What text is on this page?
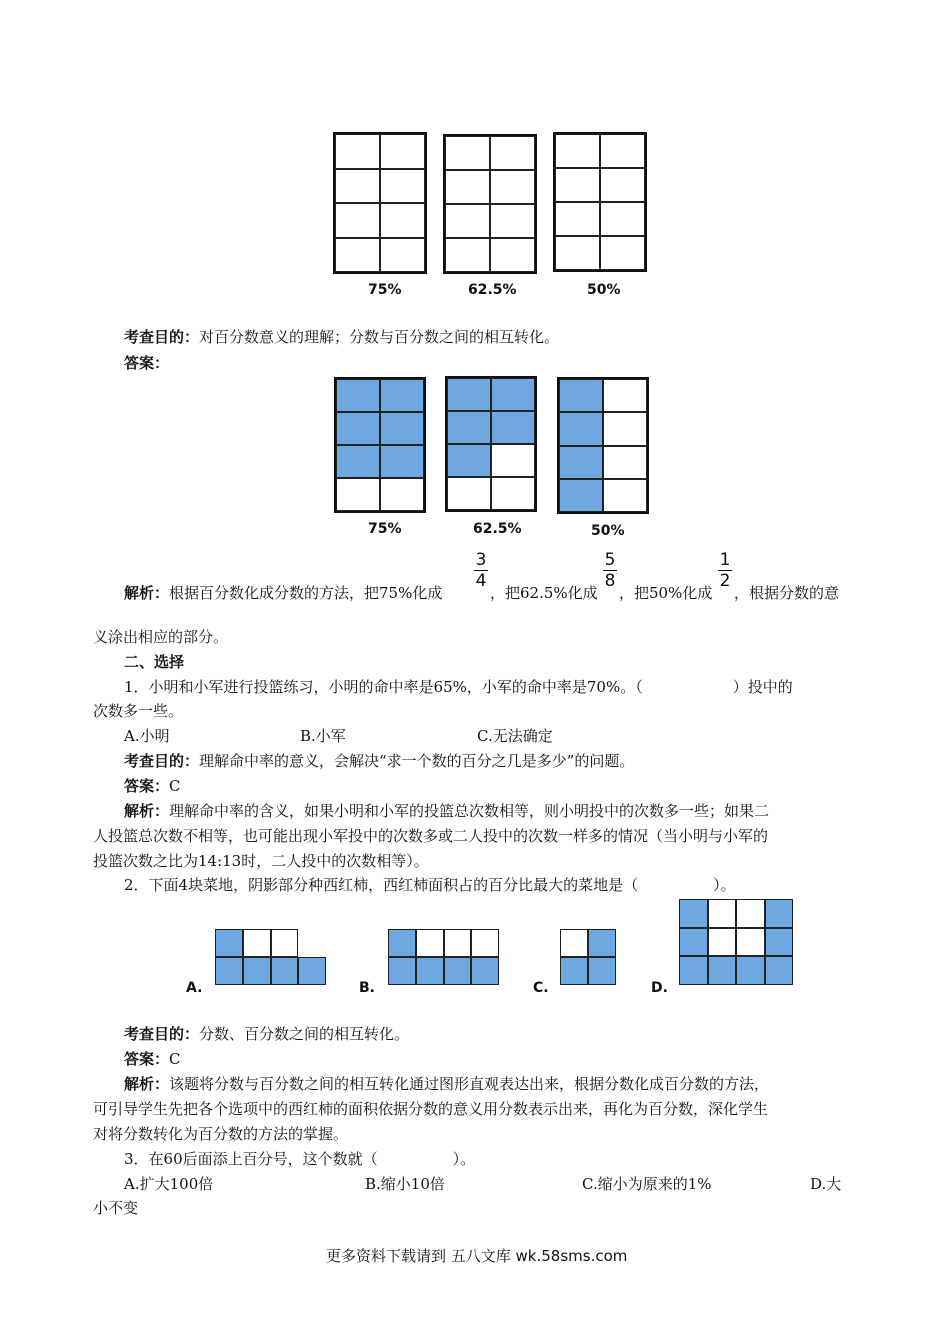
75%	62.5%	50%
考查目的：对百分数意义的理解；分数与百分数之间的相互转化。
答案：
75%	62.5%	50%
解析：根据百分数化成分数的方法，把75%化成
3
4
，把62.5%化成
5
8
，把50%化成
1
2
，根据分数的意
义涂出相应的部分。
二、选择
1．小明和小军进行投篮练习，小明的命中率是65%，小军的命中率是70%。（　　　　　　）投中的
次数多一些。
A.小明	B.小军	C.无法确定
考查目的：理解命中率的意义，会解决“求一个数的百分之几是多少”的问题。
答案：C
解析：理解命中率的含义，如果小明和小军的投篮总次数相等，则小明投中的次数多一些；如果二
人投篮总次数不相等，也可能出现小军投中的次数多或二人投中的次数一样多的情况（当小明与小军的
投篮次数之比为14:13时，二人投中的次数相等）。
2．下面4块菜地，阴影部分种西红柿，西红柿面积占的百分比最大的菜地是（　　　　　）。
A.	B.	C.	D.
考查目的：分数、百分数之间的相互转化。
答案：C
解析：该题将分数与百分数之间的相互转化通过图形直观表达出来，根据分数化成百分数的方法，
可引导学生先把各个选项中的西红柿的面积依据分数的意义用分数表示出来，再化为百分数，深化学生
对将分数转化为百分数的方法的掌握。
3．在60后面添上百分号，这个数就（　　　　　）。
A.扩大100倍	B.缩小10倍	C.缩小为原来的1%	D.大
小不变
更多资料下载请到 五八文库 wk.58sms.com
